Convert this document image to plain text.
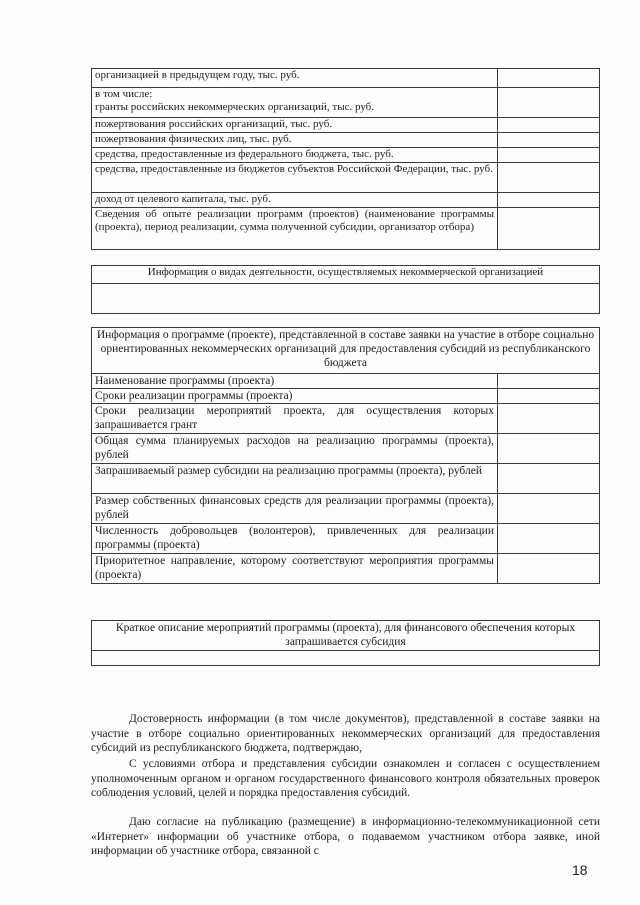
организацией в предыдущем году, тыс. руб.	
в том числе:
гранты российских некоммерческих организаций, тыс. руб.	
пожертвования российских организаций, тыс. руб.	
пожертвования физических лиц, тыс. руб.	
средства, предоставленные из федерального бюджета, тыс. руб.	
средства, предоставленные из бюджетов субъектов Российской Федерации, тыс. руб.	
доход от целевого капитала, тыс. руб.	
Сведения об опыте реализации программ (проектов) (наименование программы (проекта), период реализации, сумма полученной субсидии, организатор отбора)	
Информация о видах деятельности, осуществляемых некоммерческой организацией

Информация о программе (проекте), представленной в составе заявки на участие в отборе социально ориентированных некоммерческих организаций для предоставления субсидий из республиканского бюджета	
Наименование программы (проекта)	
Сроки реализации программы (проекта)	
Сроки реализации мероприятий проекта, для осуществления которых запрашивается грант	
Общая сумма планируемых расходов на реализацию программы (проекта), рублей	
Запрашиваемый размер субсидии на реализацию программы (проекта), рублей	
Размер собственных финансовых средств для реализации программы (проекта), рублей	
Численность добровольцев (волонтеров), привлеченных для реализации программы (проекта)	
Приоритетное направление, которому соответствуют мероприятия программы (проекта)	
Краткое описание мероприятий программы (проекта), для финансового обеспечения которых запрашивается субсидия

Достоверность информации (в том числе документов), представленной в составе заявки на участие в отборе социально ориентированных некоммерческих организаций для предоставления субсидий из республиканского бюджета, подтверждаю,

С условиями отбора и представления субсидии ознакомлен и согласен с осуществлением уполномоченным органом и органом государственного финансового контроля обязательных проверок соблюдения условий, целей и порядка предоставления субсидий.

Даю согласие на публикацию (размещение) в информационно-телекоммуникационной сети «Интернет» информации об участнике отбора, о подаваемом участником отбора заявке, иной информации об участнике отбора, связанной с

18
